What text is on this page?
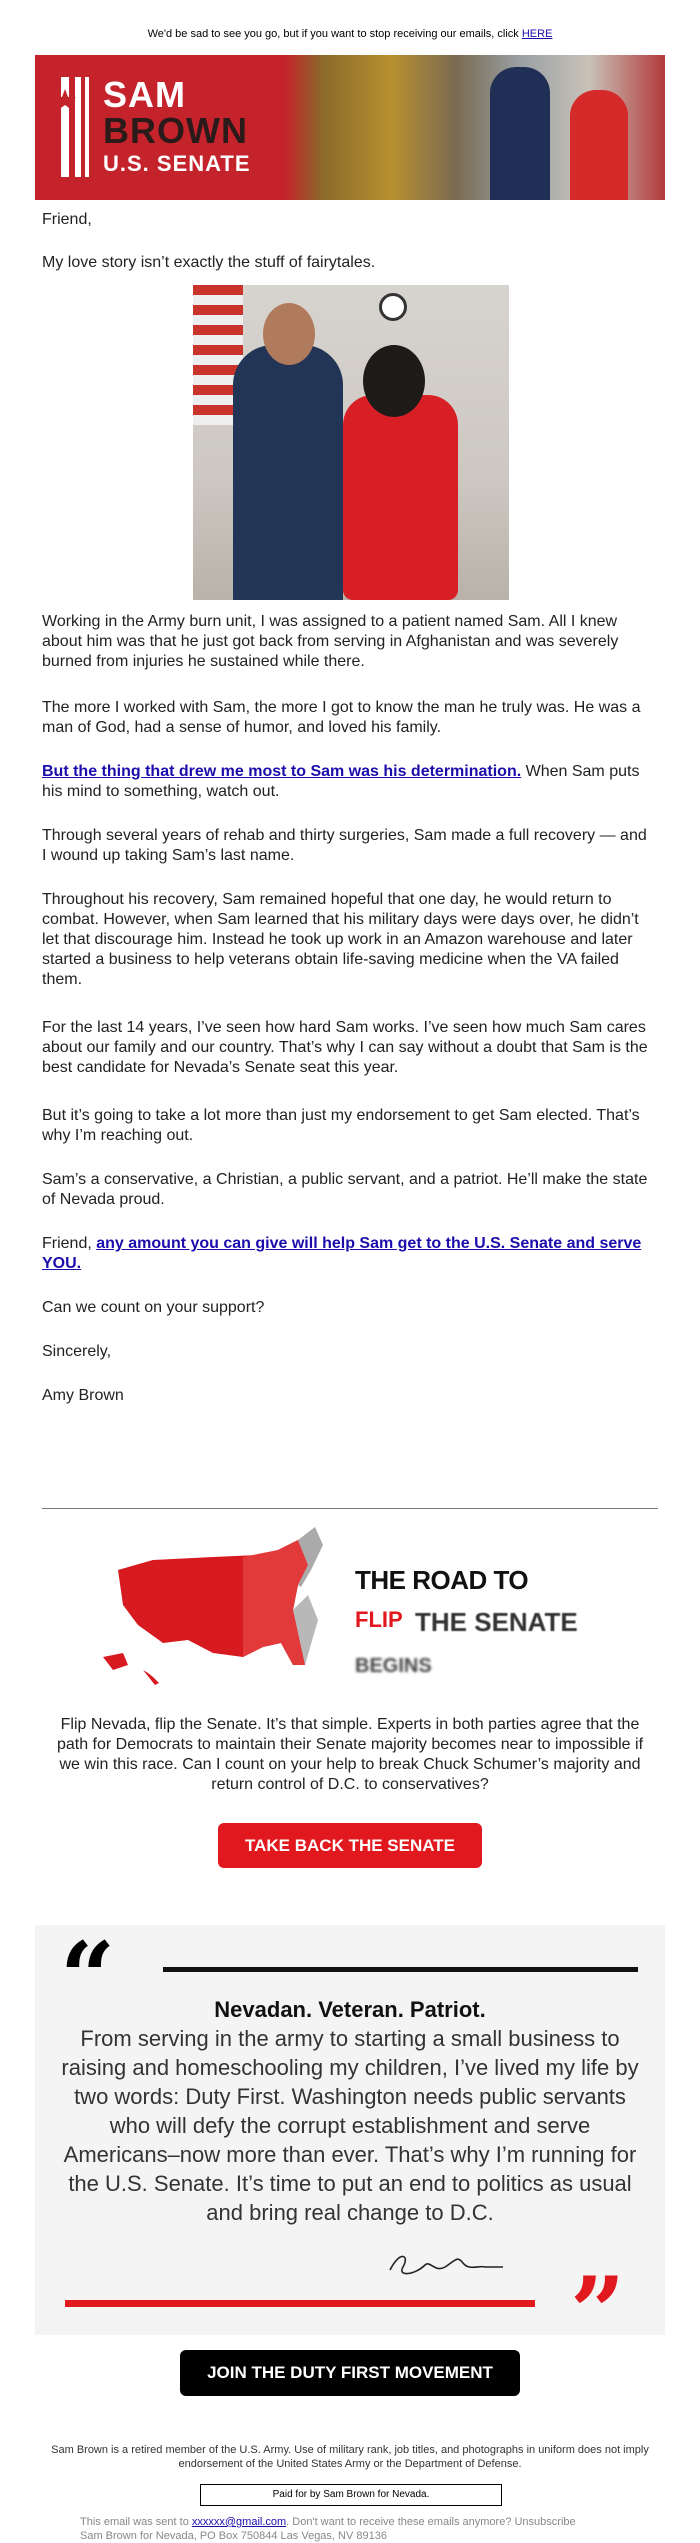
We'd be sad to see you go, but if you want to stop receiving our emails, click HERE
SAM
BROWN
U.S. SENATE

Friend,

My love story isn’t exactly the stuff of fairytales.

Working in the Army burn unit, I was assigned to a patient named Sam. All I knew about him was that he just got back from serving in Afghanistan and was severely burned from injuries he sustained while there.

The more I worked with Sam, the more I got to know the man he truly was. He was a man of God, had a sense of humor, and loved his family.

But the thing that drew me most to Sam was his determination. When Sam puts his mind to something, watch out.

Through several years of rehab and thirty surgeries, Sam made a full recovery — and I wound up taking Sam’s last name.

Throughout his recovery, Sam remained hopeful that one day, he would return to combat. However, when Sam learned that his military days were days over, he didn’t let that discourage him. Instead he took up work in an Amazon warehouse and later started a business to help veterans obtain life-saving medicine when the VA failed them.

For the last 14 years, I’ve seen how hard Sam works. I’ve seen how much Sam cares about our family and our country. That’s why I can say without a doubt that Sam is the best candidate for Nevada’s Senate seat this year.

But it’s going to take a lot more than just my endorsement to get Sam elected. That’s why I’m reaching out.

Sam’s a conservative, a Christian, a public servant, and a patriot. He’ll make the state of Nevada proud.

Friend, any amount you can give will help Sam get to the U.S. Senate and serve YOU.

Can we count on your support?

Sincerely,

Amy Brown

THE ROAD TO
FLIP THE SENATE
BEGINS

Flip Nevada, flip the Senate. It’s that simple. Experts in both parties agree that the path for Democrats to maintain their Senate majority becomes near to impossible if we win this race. Can I count on your help to break Chuck Schumer’s majority and return control of D.C. to conservatives?

TAKE BACK THE SENATE
“	Nevadan. Veteran. Patriot.
From serving in the army to starting a small business to raising and homeschooling my children, I’ve lived my life by two words: Duty First. Washington needs public servants who will defy the corrupt establishment and serve Americans–now more than ever. That’s why I’m running for the U.S. Senate. It’s time to put an end to politics as usual and bring real change to D.C.
”
JOIN THE DUTY FIRST MOVEMENT

Sam Brown is a retired member of the U.S. Army. Use of military rank, job titles, and photographs in uniform does not imply endorsement of the United States Army or the Department of Defense.

Paid for by Sam Brown for Nevada.

This email was sent to xxxxxx@gmail.com. Don't want to receive these emails anymore? Unsubscribe
Sam Brown for Nevada, PO Box 750844 Las Vegas, NV 89136
